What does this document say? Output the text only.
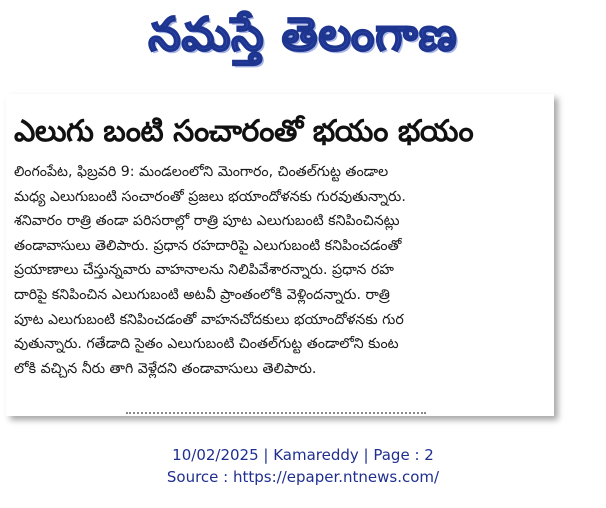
నమస్తే తెలంగాణ
ఎలుగు బంటి సంచారంతో భయం భయం
లింగంపేట, ఫిబ్రవరి 9: మండలంలోని మెంగారం, చింతల్‌గుట్ట తండాల
మధ్య ఎలుగుబంటి సంచారంతో ప్రజలు భయాందోళనకు గురవుతున్నారు.
శనివారం రాత్రి తండా పరిసరాల్లో రాత్రి పూట ఎలుగుబంటి కనిపించినట్లు
తండావాసులు తెలిపారు. ప్రధాన రహదారిపై ఎలుగుబంటి కనిపించడంతో
ప్రయాణాలు చేస్తున్నవారు వాహనాలను నిలిపివేశారన్నారు. ప్రధాన రహ
దారిపై కనిపించిన ఎలుగుబంటి అటవీ ప్రాంతంలోకి వెళ్లిందన్నారు. రాత్రి
పూట ఎలుగుబంటి కనిపించడంతో వాహనచోదకులు భయాందోళనకు గుర
వుతున్నారు. గతేడాది సైతం ఎలుగుబంటి చింతల్‌గుట్ట తండాలోని కుంట
లోకి వచ్చిన నీరు తాగి వెళ్లేదని తండావాసులు తెలిపారు.
10/02/2025 | Kamareddy | Page : 2
Source : https://epaper.ntnews.com/
